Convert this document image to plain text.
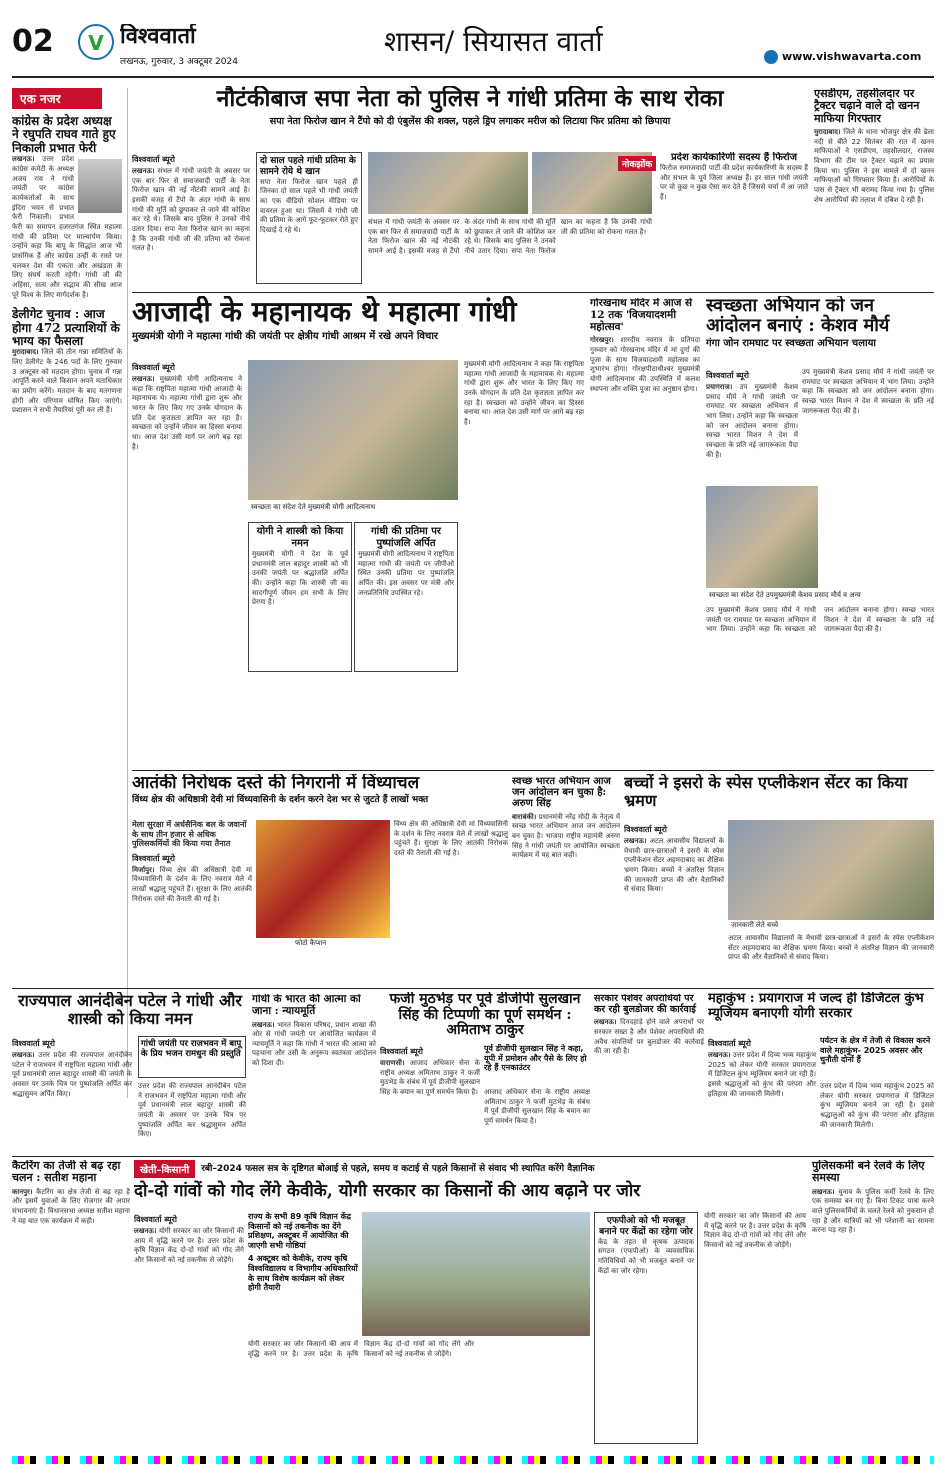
02	V विश्ववार्ता
लखनऊ, गुरुवार, 3 अक्टूबर 2024
शासन/ सियासत वार्ता	www.vishwavarta.com
एक नजर
कांग्रेस के प्रदेश अध्यक्ष ने रघुपति राघव गाते हुए निकाली प्रभात फेरी
लखनऊ। उत्तर प्रदेश कांग्रेस कमेटी के अध्यक्ष अजय राय ने गांधी जयंती पर कांग्रेस कार्यकर्ताओं के साथ इंदिरा भवन से प्रभात फेरी निकाली। प्रभात फेरी का समापन हजरतगंज स्थित महात्मा गांधी की प्रतिमा पर माल्यार्पण किया। उन्होंने कहा कि बापू के सिद्धांत आज भी प्रासंगिक हैं और कांग्रेस उन्हीं के रास्ते पर चलकर देश की एकता और अखंडता के लिए संघर्ष करती रहेगी। गांधी जी की अहिंसा, सत्य और सद्भाव की सीख आज पूरे विश्व के लिए मार्गदर्शक है।
डेलीगेट चुनाव : आज होगा 472 प्रत्याशियों के भाग्य का फैसला
मुरादाबाद। जिले की तीन गन्ना समितियों के लिए डेलीगेट के 246 पदों के लिए गुरुवार 3 अक्टूबर को मतदान होगा। चुनाव में गन्ना आपूर्ति करने वाले किसान अपने मताधिकार का प्रयोग करेंगे। मतदान के बाद मतगणना होगी और परिणाम घोषित किए जाएंगे। प्रशासन ने सभी तैयारियां पूरी कर ली हैं।
नौटंकीबाज सपा नेता को पुलिस ने गांधी प्रतिमा के साथ रोका
सपा नेता फिरोज खान ने टैंपो को दी एंबुलेंस की शक्ल, पहले ड्रिप लगाकर मरीज को लिटाया फिर प्रतिमा को छिपाया
विश्ववार्ता ब्यूरो
लखनऊ। संभल में गांधी जयंती के अवसर पर एक बार फिर से समाजवादी पार्टी के नेता फिरोज खान की नई नौटंकी सामने आई है। इसकी वजह से टैंपो के अंदर गांधी के साथ गांधी की मूर्ति को छुपाकर ले जाने की कोशिश कर रहे थे। जिसके बाद पुलिस ने उनको नीचे उतार दिया। सपा नेता फिरोज खान का कहना है कि उनकी गांधी जी की प्रतिमा को रोकना गलत है।
दो साल पहले गांधी प्रतिमा के सामने रोये थे खान
सपा नेता फिरोज खान पहले ही जिनका दो साल पहले भी गांधी जयंती का एक वीडियो सोशल मीडिया पर वायरल हुआ था। जिसमें वे गांधी जी की प्रतिमा के आगे फूट-फूटकर रोते हुए दिखाई दे रहे थे।
नोकझोंक
संभल में गांधी जयंती के अवसर पर एक बार फिर से समाजवादी पार्टी के नेता फिरोज खान की नई नौटंकी सामने आई है। इसकी वजह से टैंपो के अंदर गांधी के साथ गांधी की मूर्ति को छुपाकर ले जाने की कोशिश कर रहे थे। जिसके बाद पुलिस ने उनको नीचे उतार दिया। सपा नेता फिरोज खान का कहना है कि उनकी गांधी जी की प्रतिमा को रोकना गलत है।
प्रदेश कार्यकारिणी सदस्य हैं फिरोज
फिरोज समाजवादी पार्टी की प्रदेश कार्यकारिणी के सदस्य हैं और संभल के पूर्व जिला अध्यक्ष हैं। हर साल गांधी जयंती पर वो कुछ न कुछ ऐसा कर देते हैं जिससे चर्चा में आ जाते हैं।
एसडीएम, तहसीलदार पर ट्रैक्टर चढ़ाने वाले दो खनन माफिया गिरफ्तार
मुरादाबाद। जिले के थाना भोजपुर क्षेत्र की ढेला नदी से बीते 22 सितंबर की रात में खनन माफियाओं ने एसडीएम, तहसीलदार, राजस्व विभाग की टीम पर ट्रैक्टर चढ़ाने का प्रयास किया था। पुलिस ने इस मामले में दो खनन माफियाओं को गिरफ्तार किया है। आरोपियों के पास से ट्रैक्टर भी बरामद किया गया है। पुलिस शेष आरोपियों की तलाश में दबिश दे रही है।
आजादी के महानायक थे महात्मा गांधी
मुख्यमंत्री योगी ने महात्मा गांधी की जयंती पर क्षेत्रीय गांधी आश्रम में रखे अपने विचार
विश्ववार्ता ब्यूरो
लखनऊ। मुख्यमंत्री योगी आदित्यनाथ ने कहा कि राष्ट्रपिता महात्मा गांधी आजादी के महानायक थे। महात्मा गांधी द्वारा शुरू और भारत के लिए किए गए उनके योगदान के प्रति देश कृतज्ञता ज्ञापित कर रहा है। स्वच्छता को उन्होंने जीवन का हिस्सा बनाया था। आज देश उसी मार्ग पर आगे बढ़ रहा है।
स्वच्छता का संदेश देते मुख्यमंत्री योगी आदित्यनाथ
योगी ने शास्त्री को किया नमन
मुख्यमंत्री योगी ने देश के पूर्व प्रधानमंत्री लाल बहादुर शास्त्री को भी उनकी जयंती पर श्रद्धांजलि अर्पित की। उन्होंने कहा कि शास्त्री जी का सादगीपूर्ण जीवन हम सभी के लिए प्रेरणा है।
गांधी की प्रतिमा पर पुष्पांजलि अर्पित
मुख्यमंत्री योगी आदित्यनाथ ने राष्ट्रपिता महात्मा गांधी की जयंती पर जीपीओ स्थित उनकी प्रतिमा पर पुष्पांजलि अर्पित की। इस अवसर पर मंत्री और जनप्रतिनिधि उपस्थित रहे।
मुख्यमंत्री योगी आदित्यनाथ ने कहा कि राष्ट्रपिता महात्मा गांधी आजादी के महानायक थे। महात्मा गांधी द्वारा शुरू और भारत के लिए किए गए उनके योगदान के प्रति देश कृतज्ञता ज्ञापित कर रहा है। स्वच्छता को उन्होंने जीवन का हिस्सा बनाया था। आज देश उसी मार्ग पर आगे बढ़ रहा है।
गोरखनाथ मंदिर में आज से 12 तक 'विजयादशमी महोत्सव'
गोरखपुर। शारदीय नवरात्र के प्रतिपदा गुरुवार को गोरखनाथ मंदिर में मां दुर्गा की पूजा के साथ विजयादशमी महोत्सव का शुभारंभ होगा। गोरक्षपीठाधीश्वर मुख्यमंत्री योगी आदित्यनाथ की उपस्थिति में कलश स्थापना और शक्ति पूजा का अनुष्ठान होगा।
स्वच्छता अभियान को जन आंदोलन बनाएं : केशव मौर्य
गंगा जोन रामघाट पर स्वच्छता अभियान चलाया
विश्ववार्ता ब्यूरो
प्रयागराज। उप मुख्यमंत्री केशव प्रसाद मौर्य ने गांधी जयंती पर रामघाट पर स्वच्छता अभियान में भाग लिया। उन्होंने कहा कि स्वच्छता को जन आंदोलन बनाना होगा। स्वच्छ भारत मिशन ने देश में स्वच्छता के प्रति नई जागरूकता पैदा की है।
स्वच्छता का संदेश देते उपमुख्यमंत्री केशव प्रसाद मौर्य व अन्य
उप मुख्यमंत्री केशव प्रसाद मौर्य ने गांधी जयंती पर रामघाट पर स्वच्छता अभियान में भाग लिया। उन्होंने कहा कि स्वच्छता को जन आंदोलन बनाना होगा। स्वच्छ भारत मिशन ने देश में स्वच्छता के प्रति नई जागरूकता पैदा की है।
उप मुख्यमंत्री केशव प्रसाद मौर्य ने गांधी जयंती पर रामघाट पर स्वच्छता अभियान में भाग लिया। उन्होंने कहा कि स्वच्छता को जन आंदोलन बनाना होगा। स्वच्छ भारत मिशन ने देश में स्वच्छता के प्रति नई जागरूकता पैदा की है।
आतंकी निरोधक दस्ते की निगरानी में विंध्याचल
विंध्य क्षेत्र की अधिष्ठात्री देवी मां विंध्यवासिनी के दर्शन करने देश भर से जुटते हैं लाखों भक्त
मेला सुरक्षा में अर्धसैनिक बल के जवानों के साथ तीन हजार से अधिक पुलिसकर्मियों की किया गया तैनात
विश्ववार्ता ब्यूरो
मिर्जापुर। विंध्य क्षेत्र की अधिष्ठात्री देवी मां विंध्यवासिनी के दर्शन के लिए नवरात्र मेले में लाखों श्रद्धालु पहुंचते हैं। सुरक्षा के लिए आतंकी निरोधक दस्ते की तैनाती की गई है।
फोटो कैप्शन
विंध्य क्षेत्र की अधिष्ठात्री देवी मां विंध्यवासिनी के दर्शन के लिए नवरात्र मेले में लाखों श्रद्धालु पहुंचते हैं। सुरक्षा के लिए आतंकी निरोधक दस्ते की तैनाती की गई है।
स्वच्छ भारत अभियान आज जन आंदोलन बन चुका है: अरुण सिंह
बाराबंकी। प्रधानमंत्री नरेंद्र मोदी के नेतृत्व में स्वच्छ भारत अभियान आज जन आंदोलन बन चुका है। भाजपा राष्ट्रीय महामंत्री अरुण सिंह ने गांधी जयंती पर आयोजित स्वच्छता कार्यक्रम में यह बात कही।
बच्चों ने इसरो के स्पेस एप्लीकेशन सेंटर का किया भ्रमण
विश्ववार्ता ब्यूरो
लखनऊ। अटल आवासीय विद्यालयों के मेधावी छात्र-छात्राओं ने इसरो के स्पेस एप्लीकेशन सेंटर अहमदाबाद का शैक्षिक भ्रमण किया। बच्चों ने अंतरिक्ष विज्ञान की जानकारी प्राप्त की और वैज्ञानिकों से संवाद किया।
जानकारी लेते बच्चे
अटल आवासीय विद्यालयों के मेधावी छात्र-छात्राओं ने इसरो के स्पेस एप्लीकेशन सेंटर अहमदाबाद का शैक्षिक भ्रमण किया। बच्चों ने अंतरिक्ष विज्ञान की जानकारी प्राप्त की और वैज्ञानिकों से संवाद किया।
राज्यपाल आनंदीबेन पटेल ने गांधी और शास्त्री को किया नमन
गांधी जयंती पर राजभवन में बापू के प्रिय भजन रामधुन की प्रस्तुति
विश्ववार्ता ब्यूरो
लखनऊ। उत्तर प्रदेश की राज्यपाल आनंदीबेन पटेल ने राजभवन में राष्ट्रपिता महात्मा गांधी और पूर्व प्रधानमंत्री लाल बहादुर शास्त्री की जयंती के अवसर पर उनके चित्र पर पुष्पांजलि अर्पित कर श्रद्धासुमन अर्पित किए।
उत्तर प्रदेश की राज्यपाल आनंदीबेन पटेल ने राजभवन में राष्ट्रपिता महात्मा गांधी और पूर्व प्रधानमंत्री लाल बहादुर शास्त्री की जयंती के अवसर पर उनके चित्र पर पुष्पांजलि अर्पित कर श्रद्धासुमन अर्पित किए।
गांधी के भारत की आत्मा को जाना : न्यायमूर्ति
लखनऊ। भारत विकास परिषद, प्रधान शाखा की ओर से गांधी जयंती पर आयोजित कार्यक्रम में न्यायमूर्ति ने कहा कि गांधी ने भारत की आत्मा को पहचाना और उसी के अनुरूप स्वतंत्रता आंदोलन को दिशा दी।
फर्जी मुठभेड़ पर पूर्व डीजीपी सुलखान सिंह की टिप्पणी का पूर्ण समर्थन : अमिताभ ठाकुर
विश्ववार्ता ब्यूरो
वाराणसी। आजाद अधिकार सेना के राष्ट्रीय अध्यक्ष अमिताभ ठाकुर ने फर्जी मुठभेड़ के संबंध में पूर्व डीजीपी सुलखान सिंह के बयान का पूर्ण समर्थन किया है।
पूर्व डीजीपी सुलखान सिंह ने कहा, यूपी में प्रमोशन और पैसे के लिए हो रहे हैं एनकाउंटर
आजाद अधिकार सेना के राष्ट्रीय अध्यक्ष अमिताभ ठाकुर ने फर्जी मुठभेड़ के संबंध में पूर्व डीजीपी सुलखान सिंह के बयान का पूर्ण समर्थन किया है।
सरकार पेशेवर अपराधियों पर कर रही बुलडोजर की कार्रवाई
लखनऊ। दिनदहाड़े होने वाले अपराधों पर सरकार सख्त है और पेशेवर अपराधियों की अवैध संपत्तियों पर बुलडोजर की कार्रवाई की जा रही है।
महाकुंभ : प्रयागराज में जल्द ही डिजिटल कुंभ म्यूजियम बनाएगी योगी सरकार
पर्यटन के क्षेत्र में तेजी से विकास करने वाले महाकुंभ- 2025 अवसर और चुनौती दोनों हैं
विश्ववार्ता ब्यूरो
लखनऊ। उत्तर प्रदेश में दिव्य भव्य महाकुंभ 2025 को लेकर योगी सरकार प्रयागराज में डिजिटल कुंभ म्यूजियम बनाने जा रही है। इससे श्रद्धालुओं को कुंभ की परंपरा और इतिहास की जानकारी मिलेगी।
उत्तर प्रदेश में दिव्य भव्य महाकुंभ 2025 को लेकर योगी सरकार प्रयागराज में डिजिटल कुंभ म्यूजियम बनाने जा रही है। इससे श्रद्धालुओं को कुंभ की परंपरा और इतिहास की जानकारी मिलेगी।
कैटरिंग का तेजी से बढ़ रहा चलन : सतीश महाना
कानपुर। कैटरिंग का क्षेत्र तेजी से बढ़ रहा है और इसमें युवाओं के लिए रोजगार की अपार संभावनाएं हैं। विधानसभा अध्यक्ष सतीश महाना ने यह बात एक कार्यक्रम में कही।
खेती–किसानी	रबी–2024 फसल सत्र के दृष्टिगत बोआई से पहले, समय व कटाई से पहले किसानों से संवाद भी स्थापित करेंगे वैज्ञानिक
दो-दो गांवों को गोद लेंगे केवीके, योगी सरकार का किसानों की आय बढ़ाने पर जोर
विश्ववार्ता ब्यूरो
लखनऊ। योगी सरकार का जोर किसानों की आय में वृद्धि करने पर है। उत्तर प्रदेश के कृषि विज्ञान केंद्र दो-दो गांवों को गोद लेंगे और किसानों को नई तकनीक से जोड़ेंगे।
राज्य के सभी 89 कृषि विज्ञान केंद्र किसानों को नई तकनीक का देंगे प्रशिक्षण, अक्टूबर में आयोजित की जाएगी सभी गोष्ठियां
4 अक्टूबर को केवीके, राज्य कृषि विश्वविद्यालय व विभागीय अधिकारियों के साथ विशेष कार्यक्रम को लेकर होगी तैयारी
योगी सरकार का जोर किसानों की आय में वृद्धि करने पर है। उत्तर प्रदेश के कृषि विज्ञान केंद्र दो-दो गांवों को गोद लेंगे और किसानों को नई तकनीक से जोड़ेंगे।
एफपीओ को भी मजबूत बनाने पर केंद्रों का रहेगा जोर
केंद्र के तहत से कृषक उत्पादक संगठन (एफपीओ) के व्यवसायिक गतिविधियों को भी मजबूत बनाने पर केंद्रों का जोर रहेगा।
योगी सरकार का जोर किसानों की आय में वृद्धि करने पर है। उत्तर प्रदेश के कृषि विज्ञान केंद्र दो-दो गांवों को गोद लेंगे और किसानों को नई तकनीक से जोड़ेंगे।
पुलिसकर्मी बने रेलवे के लिए समस्या
लखनऊ। चुनाव के पुलिस कर्मी रेलवे के लिए एक समस्या बन गए हैं। बिना टिकट यात्रा करने वाले पुलिसकर्मियों के चलते रेलवे को नुकसान हो रहा है और यात्रियों को भी परेशानी का सामना करना पड़ रहा है।
